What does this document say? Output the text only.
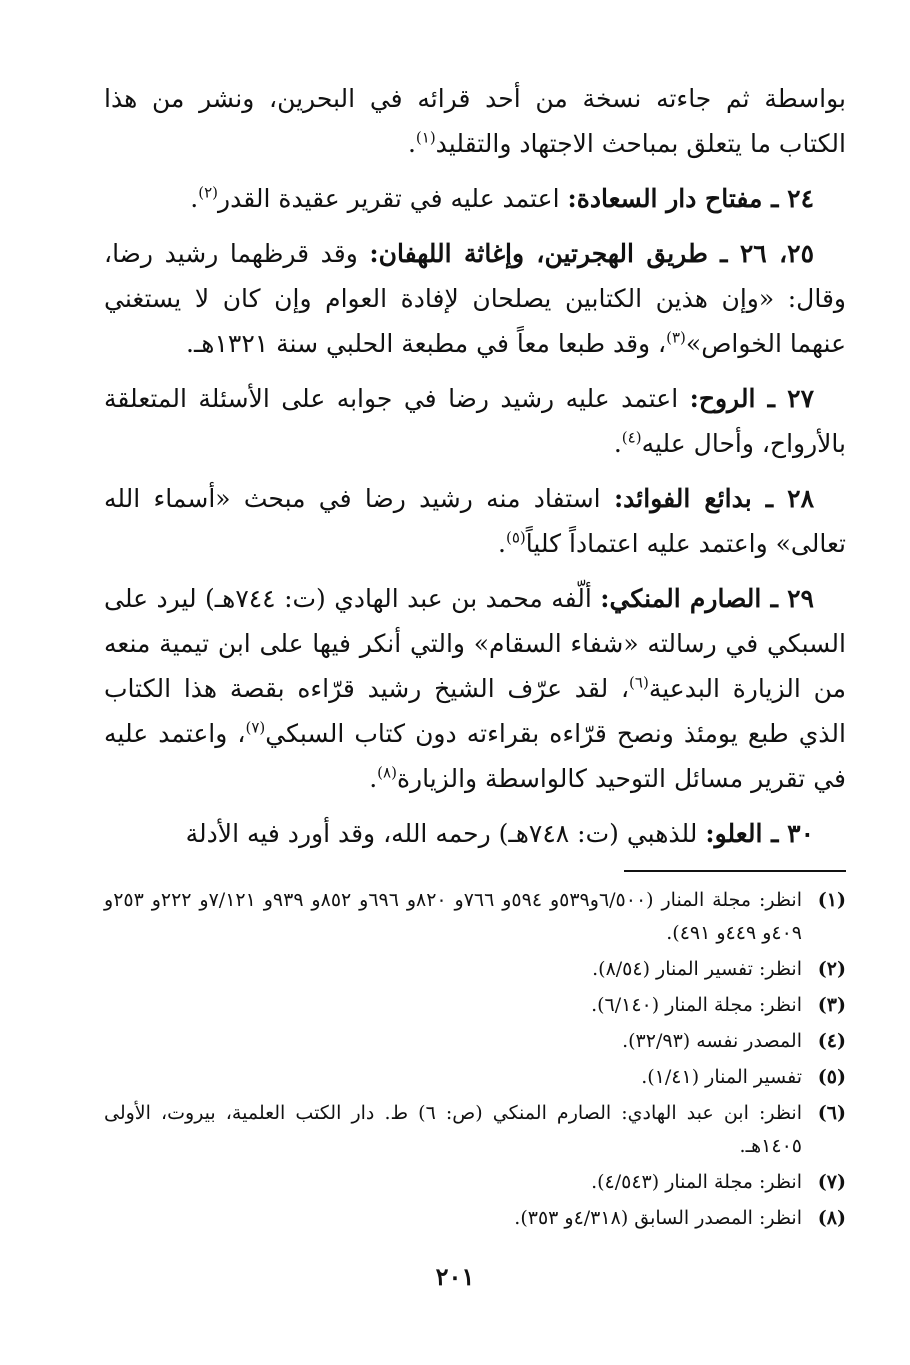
بواسطة ثم جاءته نسخة من أحد قرائه في البحرين، ونشر من هذا الكتاب ما يتعلق بمباحث الاجتهاد والتقليد$^{(١)}$.

٢٤ ـ مفتاح دار السعادة: اعتمد عليه في تقرير عقيدة القدر$^{(٢)}$.

٢٥، ٢٦ ـ طريق الهجرتين، وإغاثة اللهفان: وقد قرظهما رشيد رضا، وقال: «وإن هذين الكتابين يصلحان لإفادة العوام وإن كان لا يستغني عنهما الخواص»$^{(٣)}$، وقد طبعا معاً في مطبعة الحلبي سنة ١٣٢١هـ.

٢٧ ـ الروح: اعتمد عليه رشيد رضا في جوابه على الأسئلة المتعلقة بالأرواح، وأحال عليه$^{(٤)}$.

٢٨ ـ بدائع الفوائد: استفاد منه رشيد رضا في مبحث «أسماء الله تعالى» واعتمد عليه اعتماداً كلياً$^{(٥)}$.

٢٩ ـ الصارم المنكي: ألّفه محمد بن عبد الهادي (ت: ٧٤٤هـ) ليرد على السبكي في رسالته «شفاء السقام» والتي أنكر فيها على ابن تيمية منعه من الزيارة البدعية$^{(٦)}$، لقد عرّف الشيخ رشيد قرّاءه بقصة هذا الكتاب الذي طبع يومئذ ونصح قرّاءه بقراءته دون كتاب السبكي$^{(٧)}$، واعتمد عليه في تقرير مسائل التوحيد كالواسطة والزيارة$^{(٨)}$.

٣٠ ـ العلو: للذهبي (ت: ٧٤٨هـ) رحمه الله، وقد أورد فيه الأدلة

(١)
انظر: مجلة المنار (٦/٥٠٠و٥٣٩و ٥٩٤و ٧٦٦و ٨٢٠و ٦٩٦و ٨٥٢و ٩٣٩و ٧/١٢١و ٢٢٢و ٢٥٣و ٤٠٩و ٤٤٩و ٤٩١).
(٢)
انظر: تفسير المنار (٨/٥٤).
(٣)
انظر: مجلة المنار (٦/١٤٠).
(٤)
المصدر نفسه (٣٢/٩٣).
(٥)
تفسير المنار (١/٤١).
(٦)
انظر: ابن عبد الهادي: الصارم المنكي (ص: ٦) ط. دار الكتب العلمية، بيروت، الأولى ١٤٠٥هـ.
(٧)
انظر: مجلة المنار (٤/٥٤٣).
(٨)
انظر: المصدر السابق (٤/٣١٨و ٣٥٣).
٢٠١
